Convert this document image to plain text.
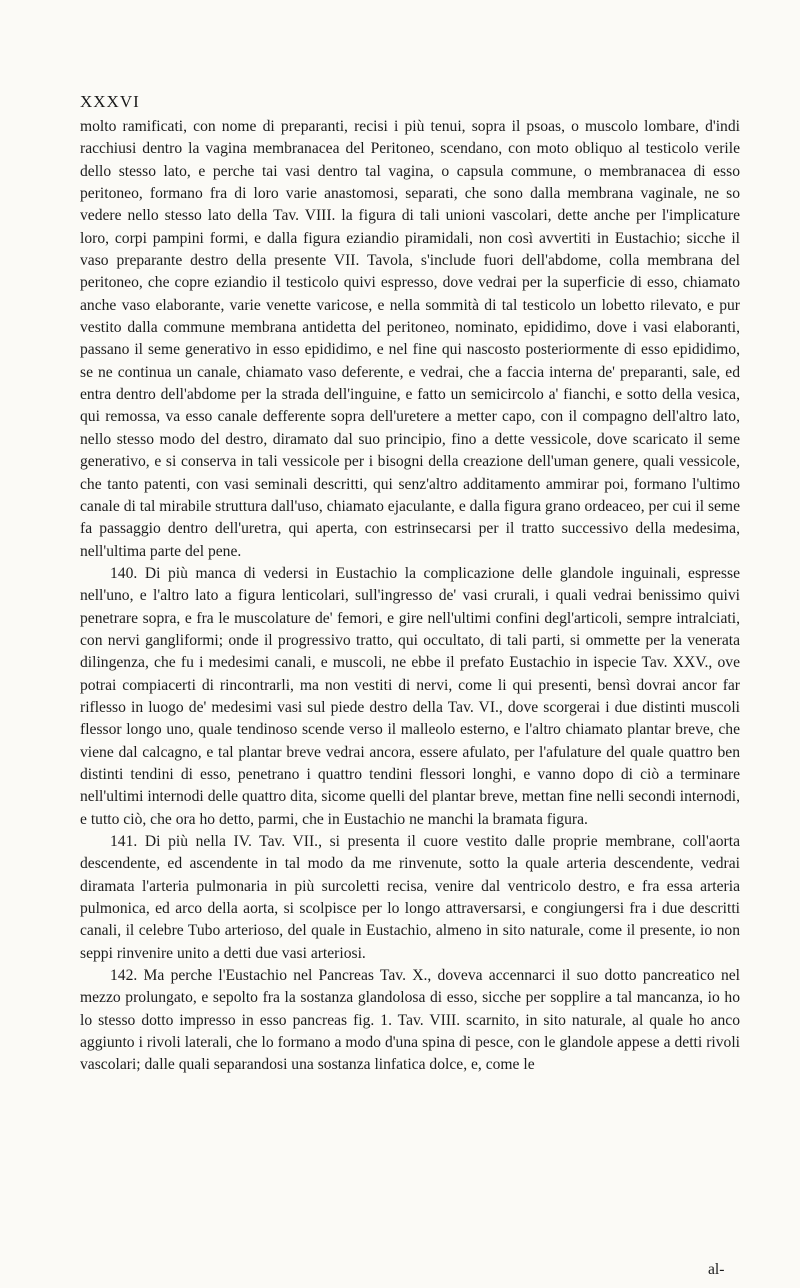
XXXVI

molto ramificati, con nome di preparanti, recisi i più tenui, sopra il psoas, o muscolo lombare, d'indi racchiusi dentro la vagina membranacea del Peritoneo, scendano, con moto obliquo al testicolo verile dello stesso lato, e perche tai vasi dentro tal vagina, o capsula commune, o membranacea di esso peritoneo, formano fra di loro varie anastomosi, separati, che sono dalla membrana vaginale, ne so vedere nello stesso lato della Tav. VIII. la figura di tali unioni vascolari, dette anche per l'implicature loro, corpi pampini formi, e dalla figura eziandio piramidali, non così avvertiti in Eustachio; sicche il vaso preparante destro della presente VII. Tavola, s'include fuori dell'abdome, colla membrana del peritoneo, che copre eziandio il testicolo quivi espresso, dove vedrai per la superficie di esso, chiamato anche vaso elaborante, varie venette varicose, e nella sommità di tal testicolo un lobetto rilevato, e pur vestito dalla commune membrana antidetta del peritoneo, nominato, epididimo, dove i vasi elaboranti, passano il seme generativo in esso epididimo, e nel fine qui nascosto posteriormente di esso epididimo, se ne continua un canale, chiamato vaso deferente, e vedrai, che a faccia interna de' preparanti, sale, ed entra dentro dell'abdome per la strada dell'inguine, e fatto un semicircolo a' fianchi, e sotto della vesica, qui remossa, va esso canale defferente sopra dell'uretere a metter capo, con il compagno dell'altro lato, nello stesso modo del destro, diramato dal suo principio, fino a dette vessicole, dove scaricato il seme generativo, e si conserva in tali vessicole per i bisogni della creazione dell'uman genere, quali vessicole, che tanto patenti, con vasi seminali descritti, qui senz'altro additamento ammirar poi, formano l'ultimo canale di tal mirabile struttura dall'uso, chiamato ejaculante, e dalla figura grano ordeaceo, per cui il seme fa passaggio dentro dell'uretra, qui aperta, con estrinsecarsi per il tratto successivo della medesima, nell'ultima parte del pene.

140. Di più manca di vedersi in Eustachio la complicazione delle glandole inguinali, espresse nell'uno, e l'altro lato a figura lenticolari, sull'ingresso de' vasi crurali, i quali vedrai benissimo quivi penetrare sopra, e fra le muscolature de' femori, e gire nell'ultimi confini degl'articoli, sempre intralciati, con nervi gangliformi; onde il progressivo tratto, qui occultato, di tali parti, si ommette per la venerata dilingenza, che fu i medesimi canali, e muscoli, ne ebbe il prefato Eustachio in ispecie Tav. XXV., ove potrai compiacerti di rincontrarli, ma non vestiti di nervi, come li qui presenti, bensì dovrai ancor far riflesso in luogo de' medesimi vasi sul piede destro della Tav. VI., dove scorgerai i due distinti muscoli flessor longo uno, quale tendinoso scende verso il malleolo esterno, e l'altro chiamato plantar breve, che viene dal calcagno, e tal plantar breve vedrai ancora, essere afulato, per l'afulature del quale quattro ben distinti tendini di esso, penetrano i quattro tendini flessori longhi, e vanno dopo di ciò a terminare nell'ultimi internodi delle quattro dita, sicome quelli del plantar breve, mettan fine nelli secondi internodi, e tutto ciò, che ora ho detto, parmi, che in Eustachio ne manchi la bramata figura.

141. Di più nella IV. Tav. VII., si presenta il cuore vestito dalle proprie membrane, coll'aorta descendente, ed ascendente in tal modo da me rinvenute, sotto la quale arteria descendente, vedrai diramata l'arteria pulmonaria in più surcoletti recisa, venire dal ventricolo destro, e fra essa arteria pulmonica, ed arco della aorta, si scolpisce per lo longo attraversarsi, e congiungersi fra i due descritti canali, il celebre Tubo arterioso, del quale in Eustachio, almeno in sito naturale, come il presente, io non seppi rinvenire unito a detti due vasi arteriosi.

142. Ma perche l'Eustachio nel Pancreas Tav. X., doveva accennarci il suo dotto pancreatico nel mezzo prolungato, e sepolto fra la sostanza glandolosa di esso, sicche per sopplire a tal mancanza, io ho lo stesso dotto impresso in esso pancreas fig. 1. Tav. VIII. scarnito, in sito naturale, al quale ho anco aggiunto i rivoli laterali, che lo formano a modo d'una spina di pesce, con le glandole appese a detti rivoli vascolari; dalle quali separandosi una sostanza linfatica dolce, e, come le

al-
